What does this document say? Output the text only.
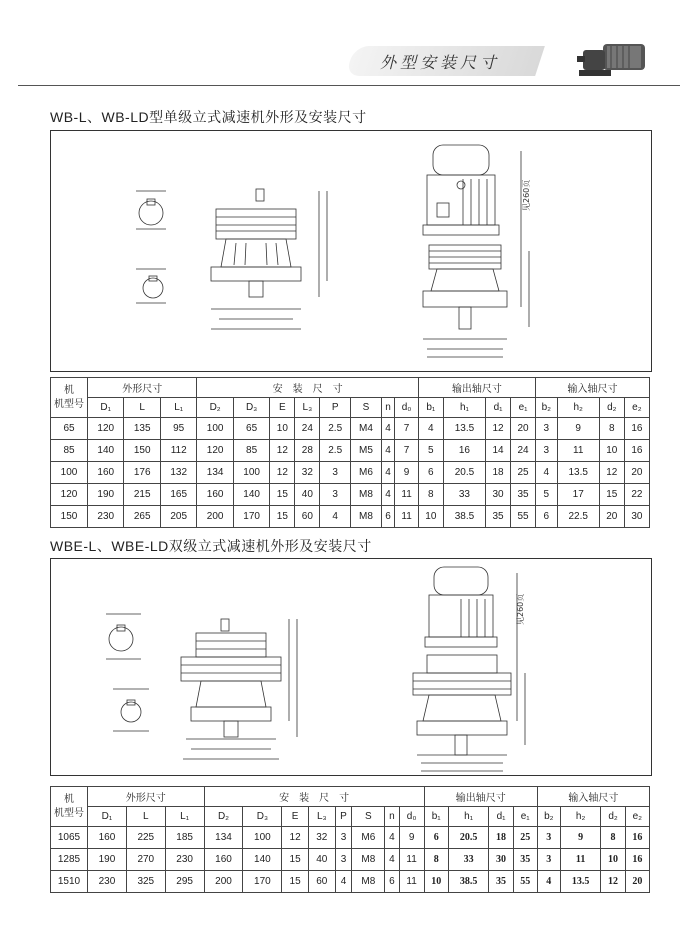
外型安装尺寸
WB-L、WB-LD型单级立式减速机外形及安装尺寸
见260页
机
机型号	外形尺寸			安　装　尺　寸								输出轴尺寸				输入轴尺寸			
	D₁	L	L₁	D₂	D₃	E	L₃	P	S	n	d₀	b₁	h₁	d₁	e₁	b₂	h₂	d₂	e₂
65	120	135	95	100	65	10	24	2.5	M4	4	7	4	13.5	12	20	3	9	8	16
85	140	150	112	120	85	12	28	2.5	M5	4	7	5	16	14	24	3	11	10	16
100	160	176	132	134	100	12	32	3	M6	4	9	6	20.5	18	25	4	13.5	12	20
120	190	215	165	160	140	15	40	3	M8	4	11	8	33	30	35	5	17	15	22
150	230	265	205	200	170	15	60	4	M8	6	11	10	38.5	35	55	6	22.5	20	30
WBE-L、WBE-LD双级立式减速机外形及安装尺寸
见260页
机
机型号	外形尺寸			安　装　尺　寸								输出轴尺寸				输入轴尺寸			
	D₁	L	L₁	D₂	D₃	E	L₃	P	S	n	d₀	b₁	h₁	d₁	e₁	b₂	h₂	d₂	e₂
1065	160	225	185	134	100	12	32	3	M6	4	9	6	20.5	18	25	3	9	8	16
1285	190	270	230	160	140	15	40	3	M8	4	11	8	33	30	35	3	11	10	16
1510	230	325	295	200	170	15	60	4	M8	6	11	10	38.5	35	55	4	13.5	12	20
